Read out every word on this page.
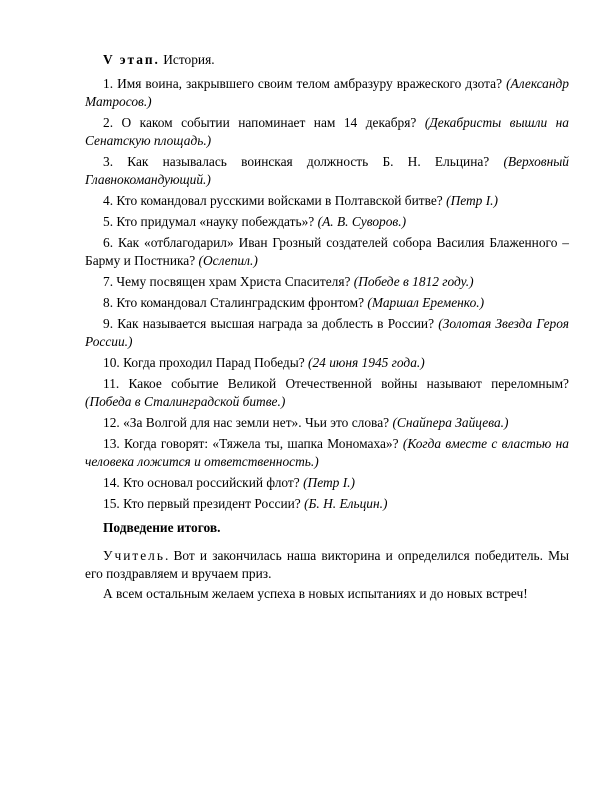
V этап. История.

1. Имя воина, закрывшего своим телом амбразуру вражеского дзота? (Александр Матросов.)

2. О каком событии напоминает нам 14 декабря? (Декабристы вышли на Сенатскую площадь.)

3. Как называлась воинская должность Б. Н. Ельцина? (Верховный Главнокомандующий.)

4. Кто командовал русскими войсками в Полтавской битве? (Петр I.)

5. Кто придумал «науку побеждать»? (А. В. Суворов.)

6. Как «отблагодарил» Иван Грозный создателей собора Василия Блаженного – Барму и Постника? (Ослепил.)

7. Чему посвящен храм Христа Спасителя? (Победе в 1812 году.)

8. Кто командовал Сталинградским фронтом? (Маршал Еременко.)

9. Как называется высшая награда за доблесть в России? (Золотая Звезда Героя России.)

10. Когда проходил Парад Победы? (24 июня 1945 года.)

11. Какое событие Великой Отечественной войны называют переломным? (Победа в Сталинградской битве.)

12. «За Волгой для нас земли нет». Чьи это слова? (Снайпера Зайцева.)

13. Когда говорят: «Тяжела ты, шапка Мономаха»? (Когда вместе с властью на человека ложится и ответственность.)

14. Кто основал российский флот? (Петр I.)

15. Кто первый президент России? (Б. Н. Ельцин.)

Подведение итогов.

Учитель. Вот и закончилась наша викторина и определился победитель. Мы его поздравляем и вручаем приз.

А всем остальным желаем успеха в новых испытаниях и до новых встреч!
